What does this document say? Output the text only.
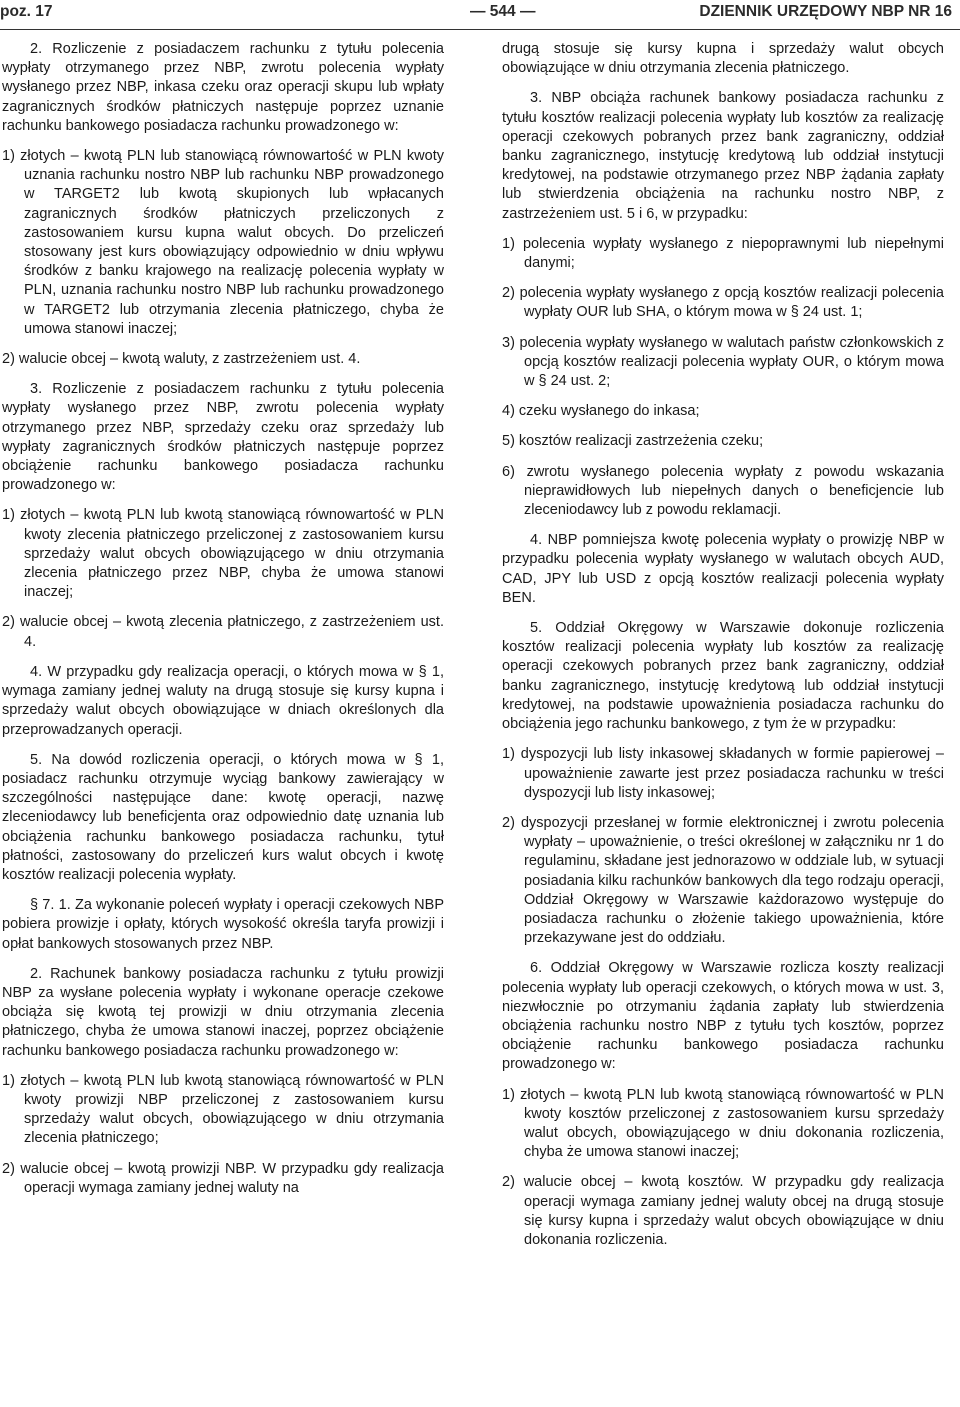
poz. 17	— 544 —	DZIENNIK URZĘDOWY NBP NR 16

2. Rozliczenie z posiadaczem rachunku z tytułu polecenia wypłaty otrzymanego przez NBP, zwrotu polecenia wypłaty wysłanego przez NBP, inkasa czeku oraz operacji skupu lub wpłaty zagranicznych środków płatniczych następuje poprzez uznanie rachunku bankowego posiadacza rachunku prowadzonego w:

1) złotych – kwotą PLN lub stanowiącą równowartość w PLN kwoty uznania rachunku nostro NBP lub rachunku NBP prowadzonego w TARGET2 lub kwotą skupionych lub wpłacanych zagranicznych środków płatniczych przeliczonych z zastosowaniem kursu kupna walut obcych. Do przeliczeń stosowany jest kurs obowiązujący odpowiednio w dniu wpływu środków z banku krajowego na realizację polecenia wypłaty w PLN, uznania rachunku nostro NBP lub rachunku prowadzonego w TARGET2 lub otrzymania zlecenia płatniczego, chyba że umowa stanowi inaczej;

2) walucie obcej – kwotą waluty, z zastrzeżeniem ust. 4.

3. Rozliczenie z posiadaczem rachunku z tytułu polecenia wypłaty wysłanego przez NBP, zwrotu polecenia wypłaty otrzymanego przez NBP, sprzedaży czeku oraz sprzedaży lub wypłaty zagranicznych środków płatniczych następuje poprzez obciążenie rachunku bankowego posiadacza rachunku prowadzonego w:

1) złotych – kwotą PLN lub kwotą stanowiącą równowartość w PLN kwoty zlecenia płatniczego przeliczonej z zastosowaniem kursu sprzedaży walut obcych obowiązującego w dniu otrzymania zlecenia płatniczego przez NBP, chyba że umowa stanowi inaczej;

2) walucie obcej – kwotą zlecenia płatniczego, z zastrzeżeniem ust. 4.

4. W przypadku gdy realizacja operacji, o których mowa w § 1, wymaga zamiany jednej waluty na drugą stosuje się kursy kupna i sprzedaży walut obcych obowiązujące w dniach określonych dla przeprowadzanych operacji.

5. Na dowód rozliczenia operacji, o których mowa w § 1, posiadacz rachunku otrzymuje wyciąg bankowy zawierający w szczególności następujące dane: kwotę operacji, nazwę zleceniodawcy lub beneficjenta oraz odpowiednio datę uznania lub obciążenia rachunku bankowego posiadacza rachunku, tytuł płatności, zastosowany do przeliczeń kurs walut obcych i kwotę kosztów realizacji polecenia wypłaty.

§ 7. 1. Za wykonanie poleceń wypłaty i operacji czekowych NBP pobiera prowizje i opłaty, których wysokość określa taryfa prowizji i opłat bankowych stosowanych przez NBP.

2. Rachunek bankowy posiadacza rachunku z tytułu prowizji NBP za wysłane polecenia wypłaty i wykonane operacje czekowe obciąża się kwotą tej prowizji w dniu otrzymania zlecenia płatniczego, chyba że umowa stanowi inaczej, poprzez obciążenie rachunku bankowego posiadacza rachunku prowadzonego w:

1) złotych – kwotą PLN lub kwotą stanowiącą równowartość w PLN kwoty prowizji NBP przeliczonej z zastosowaniem kursu sprzedaży walut obcych, obowiązującego w dniu otrzymania zlecenia płatniczego;

2) walucie obcej – kwotą prowizji NBP. W przypadku gdy realizacja operacji wymaga zamiany jednej waluty na

drugą stosuje się kursy kupna i sprzedaży walut obcych obowiązujące w dniu otrzymania zlecenia płatniczego.

3. NBP obciąża rachunek bankowy posiadacza rachunku z tytułu kosztów realizacji polecenia wypłaty lub kosztów za realizację operacji czekowych pobranych przez bank zagraniczny, oddział banku zagranicznego, instytucję kredytową lub oddział instytucji kredytowej, na podstawie otrzymanego przez NBP żądania zapłaty lub stwierdzenia obciążenia na rachunku nostro NBP, z zastrzeżeniem ust. 5 i 6, w przypadku:

1) polecenia wypłaty wysłanego z niepoprawnymi lub niepełnymi danymi;

2) polecenia wypłaty wysłanego z opcją kosztów realizacji polecenia wypłaty OUR lub SHA, o którym mowa w § 24 ust. 1;

3) polecenia wypłaty wysłanego w walutach państw członkowskich z opcją kosztów realizacji polecenia wypłaty OUR, o którym mowa w § 24 ust. 2;

4) czeku wysłanego do inkasa;

5) kosztów realizacji zastrzeżenia czeku;

6) zwrotu wysłanego polecenia wypłaty z powodu wskazania nieprawidłowych lub niepełnych danych o beneficjencie lub zleceniodawcy lub z powodu reklamacji.

4. NBP pomniejsza kwotę polecenia wypłaty o prowizję NBP w przypadku polecenia wypłaty wysłanego w walutach obcych AUD, CAD, JPY lub USD z opcją kosztów realizacji polecenia wypłaty BEN.

5. Oddział Okręgowy w Warszawie dokonuje rozliczenia kosztów realizacji polecenia wypłaty lub kosztów za realizację operacji czekowych pobranych przez bank zagraniczny, oddział banku zagranicznego, instytucję kredytową lub oddział instytucji kredytowej, na podstawie upoważnienia posiadacza rachunku do obciążenia jego rachunku bankowego, z tym że w przypadku:

1) dyspozycji lub listy inkasowej składanych w formie papierowej – upoważnienie zawarte jest przez posiadacza rachunku w treści dyspozycji lub listy inkasowej;

2) dyspozycji przesłanej w formie elektronicznej i zwrotu polecenia wypłaty – upoważnienie, o treści określonej w załączniku nr 1 do regulaminu, składane jest jednorazowo w oddziale lub, w sytuacji posiadania kilku rachunków bankowych dla tego rodzaju operacji, Oddział Okręgowy w Warszawie każdorazowo występuje do posiadacza rachunku o złożenie takiego upoważnienia, które przekazywane jest do oddziału.

6. Oddział Okręgowy w Warszawie rozlicza koszty realizacji polecenia wypłaty lub operacji czekowych, o których mowa w ust. 3, niezwłocznie po otrzymaniu żądania zapłaty lub stwierdzenia obciążenia rachunku nostro NBP z tytułu tych kosztów, poprzez obciążenie rachunku bankowego posiadacza rachunku prowadzonego w:

1) złotych – kwotą PLN lub kwotą stanowiącą równowartość w PLN kwoty kosztów przeliczonej z zastosowaniem kursu sprzedaży walut obcych, obowiązującego w dniu dokonania rozliczenia, chyba że umowa stanowi inaczej;

2) walucie obcej – kwotą kosztów. W przypadku gdy realizacja operacji wymaga zamiany jednej waluty obcej na drugą stosuje się kursy kupna i sprzedaży walut obcych obowiązujące w dniu dokonania rozliczenia.
